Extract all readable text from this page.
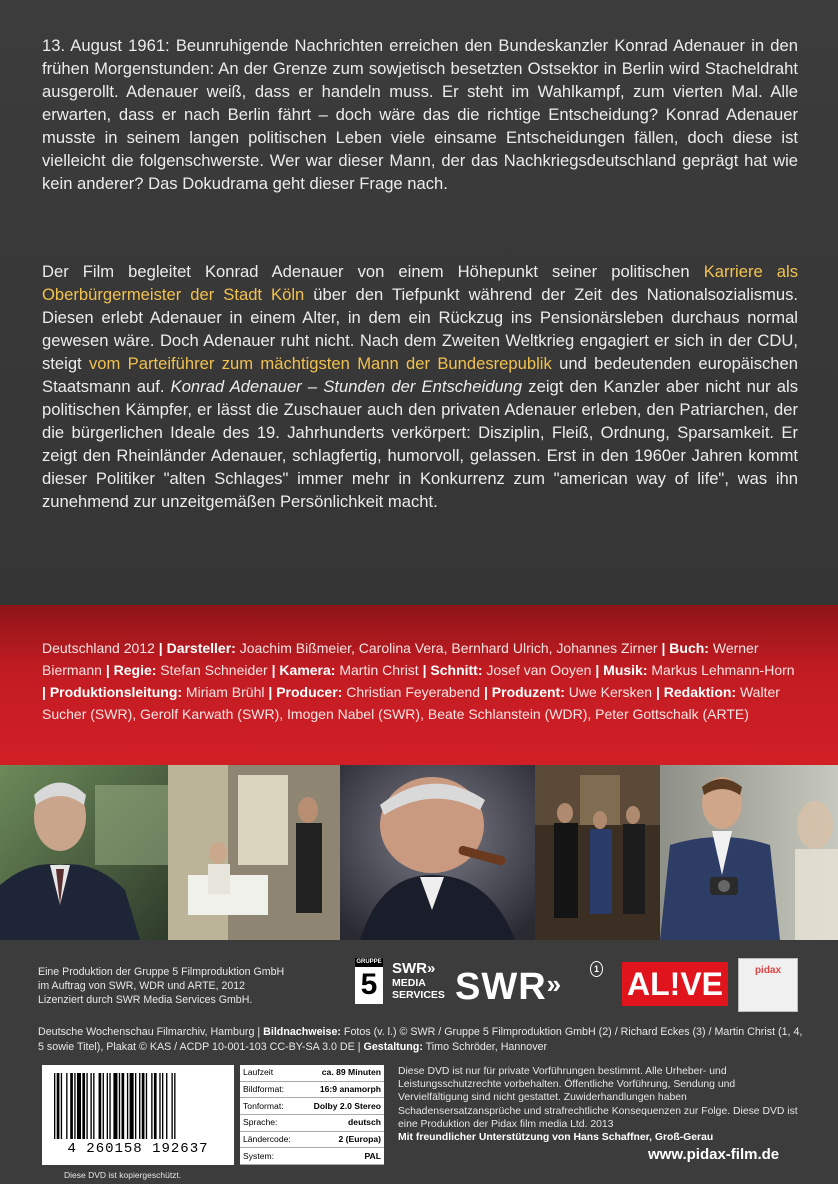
13. August 1961: Beunruhigende Nachrichten erreichen den Bundeskanzler Konrad Adenauer in den frühen Morgenstunden: An der Grenze zum sowjetisch besetzten Ostsektor in Berlin wird Stacheldraht ausgerollt. Adenauer weiß, dass er handeln muss. Er steht im Wahlkampf, zum vierten Mal. Alle erwarten, dass er nach Berlin fährt – doch wäre das die richtige Entscheidung? Konrad Adenauer musste in seinem langen politischen Leben viele einsame Entscheidungen fällen, doch diese ist vielleicht die folgenschwerste. Wer war dieser Mann, der das Nachkriegsdeutschland geprägt hat wie kein anderer? Das Dokudrama geht dieser Frage nach.

Der Film begleitet Konrad Adenauer von einem Höhepunkt seiner politischen Karriere als Oberbürgermeister der Stadt Köln über den Tiefpunkt während der Zeit des Nationalsozialismus. Diesen erlebt Adenauer in einem Alter, in dem ein Rückzug ins Pensionärsleben durchaus normal gewesen wäre. Doch Adenauer ruht nicht. Nach dem Zweiten Weltkrieg engagiert er sich in der CDU, steigt vom Parteiführer zum mächtigsten Mann der Bundesrepublik und bedeutenden europäischen Staatsmann auf. Konrad Adenauer – Stunden der Entscheidung zeigt den Kanzler aber nicht nur als politischen Kämpfer, er lässt die Zuschauer auch den privaten Adenauer erleben, den Patriarchen, der die bürgerlichen Ideale des 19. Jahrhunderts verkörpert: Disziplin, Fleiß, Ordnung, Sparsamkeit. Er zeigt den Rheinländer Adenauer, schlagfertig, humorvoll, gelassen. Erst in den 1960er Jahren kommt dieser Politiker "alten Schlages" immer mehr in Konkurrenz zum "american way of life", was ihn zunehmend zur unzeitgemäßen Persönlichkeit macht.

Deutschland 2012 | Darsteller: Joachim Bißmeier, Carolina Vera, Bernhard Ulrich, Johannes Zirner | Buch: Werner Biermann | Regie: Stefan Schneider | Kamera: Martin Christ | Schnitt: Josef van Ooyen | Musik: Markus Lehmann-Horn | Produktionsleitung: Miriam Brühl | Producer: Christian Feyerabend | Produzent: Uwe Kersken | Redaktion: Walter Sucher (SWR), Gerolf Karwath (SWR), Imogen Nabel (SWR), Beate Schlanstein (WDR), Peter Gottschalk (ARTE)

Eine Produktion der Gruppe 5 Filmproduktion GmbH
im Auftrag von SWR, WDR und ARTE, 2012
Lizenziert durch SWR Media Services GmbH.

GRUPPE
5 SWR»
MEDIA
SERVICES SWR»	1 AL!VE	pidax

Deutsche Wochenschau Filmarchiv, Hamburg | Bildnachweise: Fotos (v. l.) © SWR / Gruppe 5 Filmproduktion GmbH (2) / Richard Eckes (3) / Martin Christ (1, 4, 5 sowie Titel), Plakat © KAS / ACDP 10-001-103 CC-BY-SA 3.0 DE | Gestaltung: Timo Schröder, Hannover

4 260158 192637
Diese DVD ist kopiergeschützt.
Laufzeit	ca. 89 Minuten
Bildformat:	16:9 anamorph
Tonformat:	Dolby 2.0 Stereo
Sprache:	deutsch
Ländercode:	2 (Europa)
System:	PAL

Diese DVD ist nur für private Vorführungen bestimmt. Alle Urheber- und Leistungsschutzrechte vorbehalten. Öffentliche Vorführung, Sendung und Vervielfältigung sind nicht gestattet. Zuwiderhandlungen haben Schadensersatzansprüche und strafrechtliche Konsequenzen zur Folge. Diese DVD ist eine Produktion der Pidax film media Ltd. 2013
Mit freundlicher Unterstützung von Hans Schaffner, Groß-Gerau

www.pidax-film.de
